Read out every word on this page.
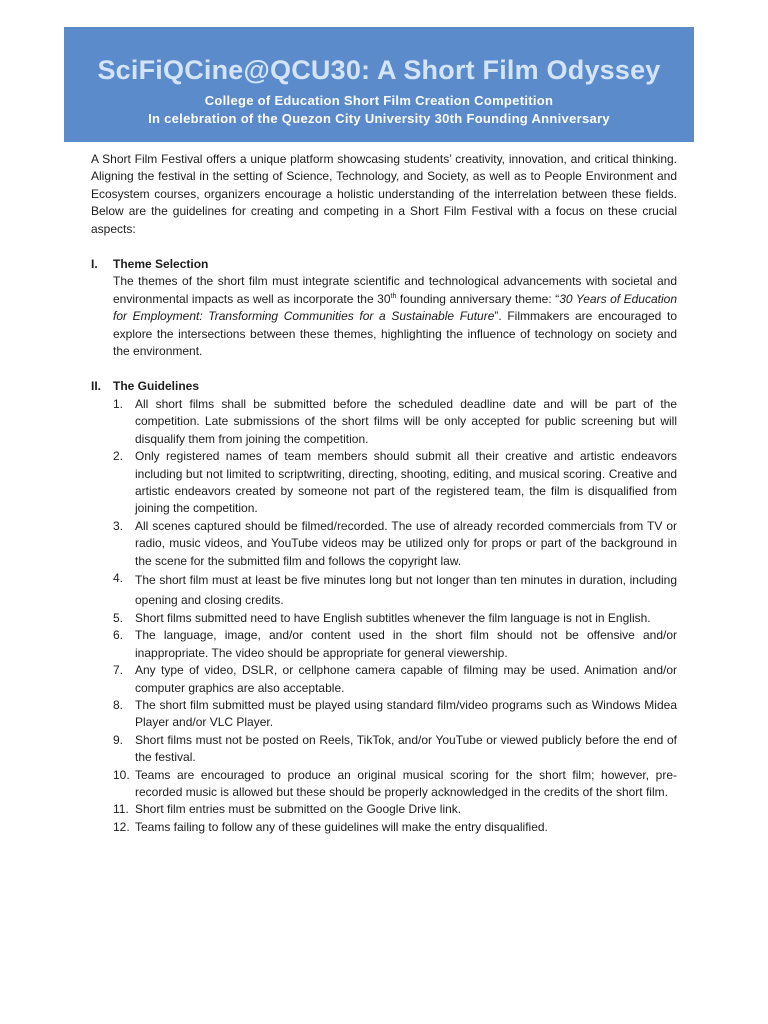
SciFiQCine@QCU30: A Short Film Odyssey

College of Education Short Film Creation Competition

In celebration of the Quezon City University 30th Founding Anniversary

A Short Film Festival offers a unique platform showcasing students’ creativity, innovation, and critical thinking. Aligning the festival in the setting of Science, Technology, and Society, as well as to People Environment and Ecosystem courses, organizers encourage a holistic understanding of the interrelation between these fields. Below are the guidelines for creating and competing in a Short Film Festival with a focus on these crucial aspects:

I.	Theme Selection

The themes of the short film must integrate scientific and technological advancements with societal and environmental impacts as well as incorporate the 30th founding anniversary theme: “30 Years of Education for Employment: Transforming Communities for a Sustainable Future”. Filmmakers are encouraged to explore the intersections between these themes, highlighting the influence of technology on society and the environment.

II. The Guidelines
1. All short films shall be submitted before the scheduled deadline date and will be part of the competition. Late submissions of the short films will be only accepted for public screening but will disqualify them from joining the competition.
2. Only registered names of team members should submit all their creative and artistic endeavors including but not limited to scriptwriting, directing, shooting, editing, and musical scoring. Creative and artistic endeavors created by someone not part of the registered team, the film is disqualified from joining the competition.
3. All scenes captured should be filmed/recorded. The use of already recorded commercials from TV or radio, music videos, and YouTube videos may be utilized only for props or part of the background in the scene for the submitted film and follows the copyright law.
4. The short film must at least be five minutes long but not longer than ten minutes in duration, including opening and closing credits.
5. Short films submitted need to have English subtitles whenever the film language is not in English.
6. The language, image, and/or content used in the short film should not be offensive and/or inappropriate. The video should be appropriate for general viewership.
7. Any type of video, DSLR, or cellphone camera capable of filming may be used. Animation and/or computer graphics are also acceptable.
8. The short film submitted must be played using standard film/video programs such as Windows Midea Player and/or VLC Player.
9. Short films must not be posted on Reels, TikTok, and/or YouTube or viewed publicly before the end of the festival.
10. Teams are encouraged to produce an original musical scoring for the short film; however, pre-recorded music is allowed but these should be properly acknowledged in the credits of the short film.
11. Short film entries must be submitted on the Google Drive link.
12. Teams failing to follow any of these guidelines will make the entry disqualified.
